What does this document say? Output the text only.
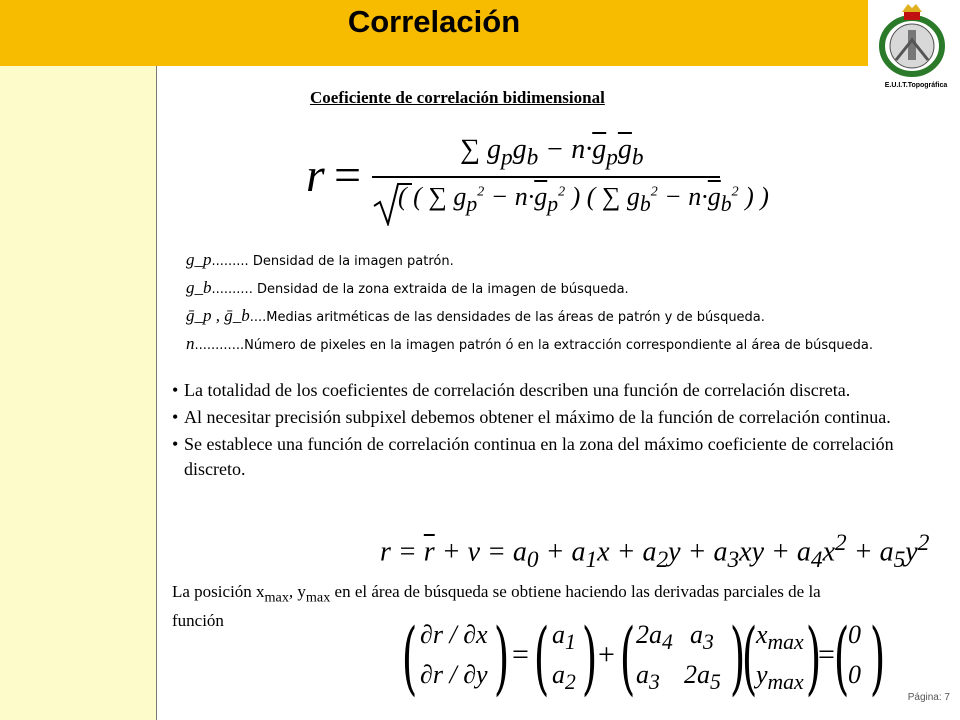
Correlación
E.U.I.T.Topográfica
Coeficiente de correlación bidimensional
r =	∑ $g_pg_b - n\cdot\overline{g}_p\overline{g}_b$
( ( ∑ $g_p^2 - n\cdot\overline{g}_p^2$ ) ( ∑ $g_b^2 - n\cdot\overline{g}_b^2$ ) )
g_p......... Densidad de la imagen patrón.
g_b.......... Densidad de la zona extraida de la imagen de búsqueda.
ḡ_p , ḡ_b....Medias aritméticas de las densidades de las áreas de patrón y de búsqueda.
n............Número de pixeles en la imagen patrón ó en la extracción correspondiente al área de búsqueda.
• La totalidad de los coeficientes de correlación describen una función de correlación discreta.
• Al necesitar precisión subpixel debemos obtener el máximo de la función de correlación continua.
• Se establece una función de correlación continua en la zona del máximo coeficiente de correlación discreto.
$r = \overline{r} + v = a_0 + a_1x + a_2y + a_3xy + a_4x^2 + a_5y^2$
La posición $x_{max}$, $y_{max}$ en el área de búsqueda se obtiene haciendo las derivadas parciales de la función	( ∂r / ∂x
∂r / ∂y ) = ( $a_1$
$a_2$ ) + ( $2a_4$ $a_3$
$a_3$ $2a_5$ )
(
$x_{max}$
$y_{max}$ )
=
(
0
0 ) Página: 7
